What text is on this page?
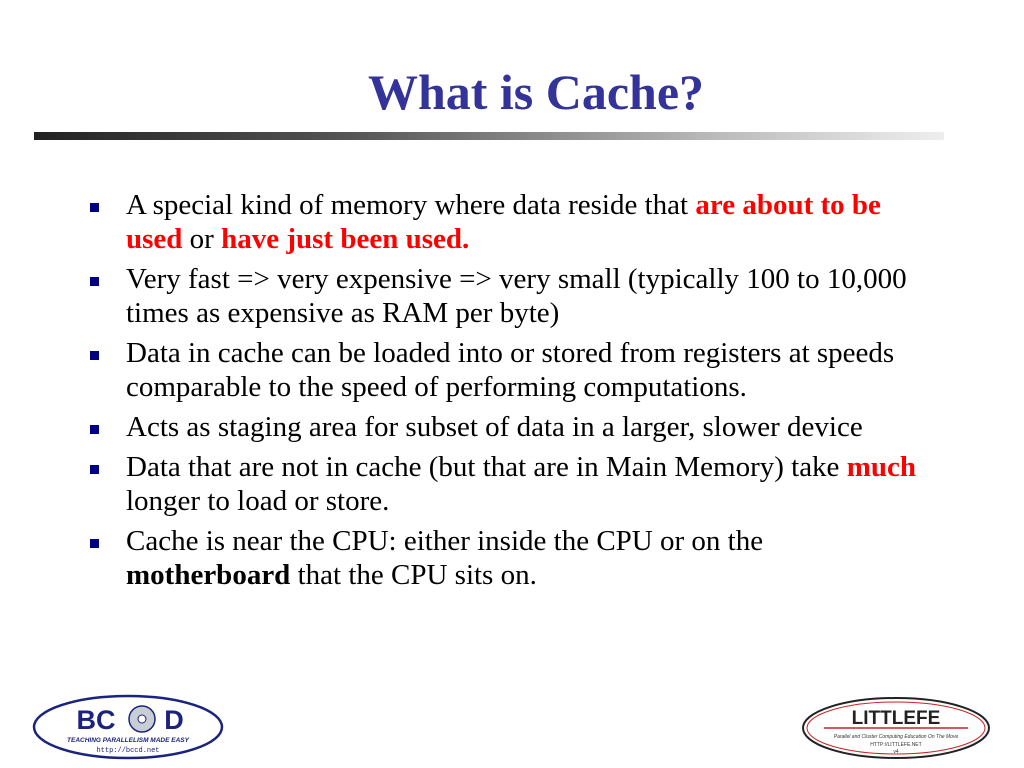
What is Cache?
A special kind of memory where data reside that are about to be used or have just been used.
Very fast => very expensive => very small (typically 100 to 10,000 times as expensive as RAM per byte)
Data in cache can be loaded into or stored from registers at speeds comparable to the speed of performing computations.
Acts as staging area for subset of data in a larger, slower device
Data that are not in cache (but that are in Main Memory) take much longer to load or store.
Cache is near the CPU: either inside the CPU or on the motherboard that the CPU sits on.
BC D
TEACHING PARALLELISM MADE EASY
http://bccd.net
LITTLEFE
Parallel and Cluster Computing Education On The Move
HTTP://LITTLEFE.NET
v4
